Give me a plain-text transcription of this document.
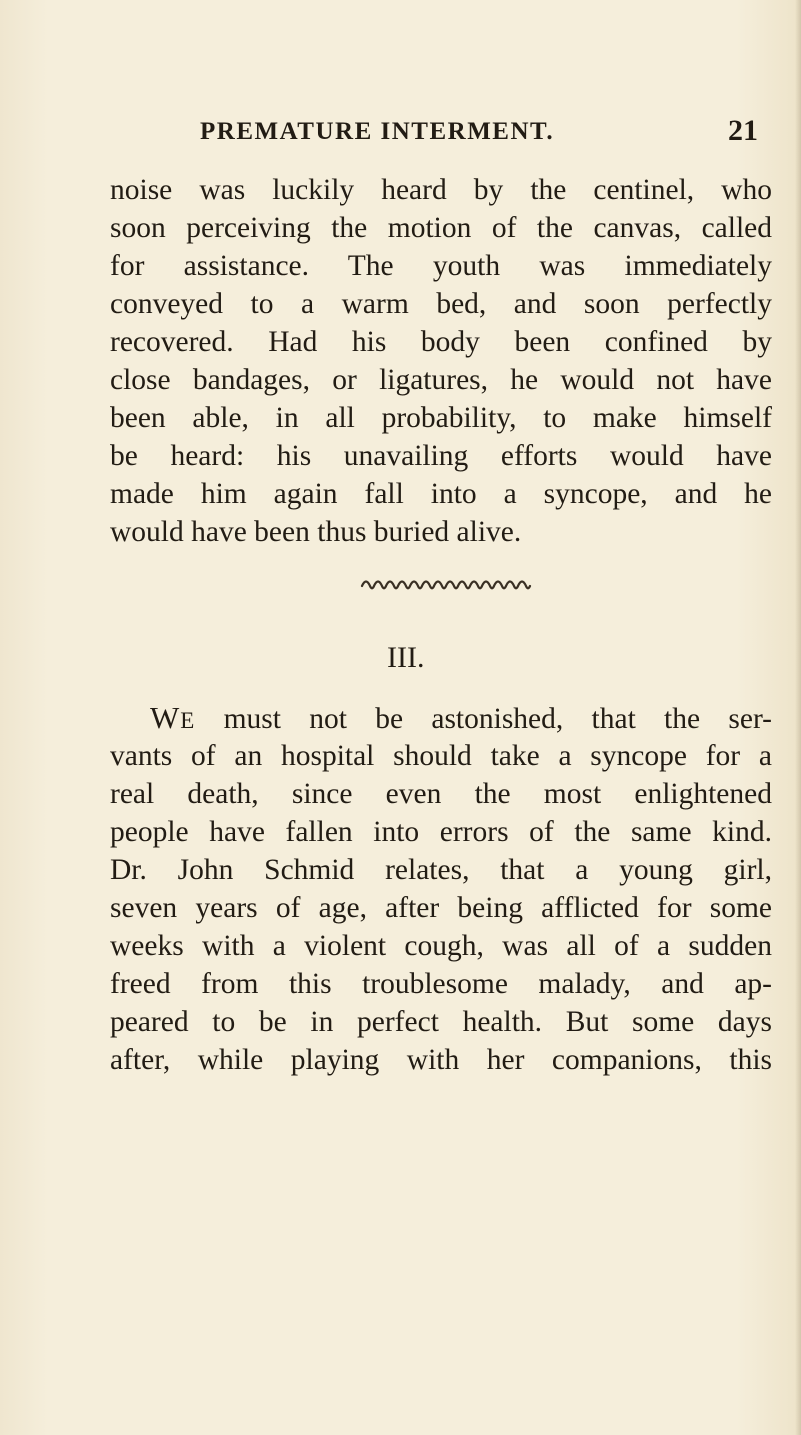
PREMATURE INTERMENT.	21
noise was luckily heard by the centinel, who
soon perceiving the motion of the canvas, called
for assistance. The youth was immediately
conveyed to a warm bed, and soon perfectly
recovered. Had his body been confined by
close bandages, or ligatures, he would not have
been able, in all probability, to make himself
be heard: his unavailing efforts would have
made him again fall into a syncope, and he
would have been thus buried alive.
III.
WE must not be astonished, that the ser-
vants of an hospital should take a syncope for a
real death, since even the most enlightened
people have fallen into errors of the same kind.
Dr. John Schmid relates, that a young girl,
seven years of age, after being afflicted for some
weeks with a violent cough, was all of a sudden
freed from this troublesome malady, and ap-
peared to be in perfect health. But some days
after, while playing with her companions, this
